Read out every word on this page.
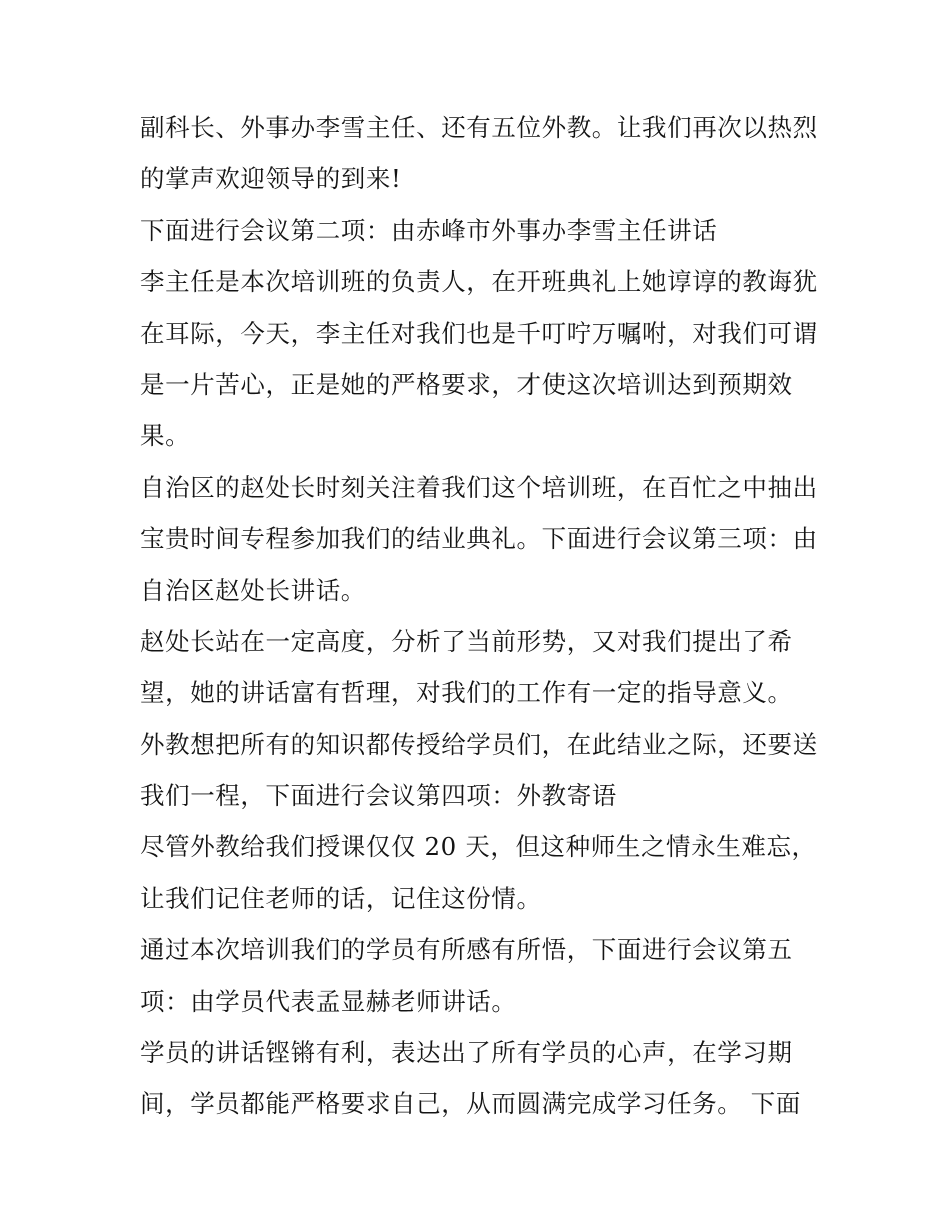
副科长、外事办李雪主任、还有五位外教。让我们再次以热烈
的掌声欢迎领导的到来!
下面进行会议第二项：由赤峰市外事办李雪主任讲话
李主任是本次培训班的负责人，在开班典礼上她谆谆的教诲犹
在耳际，今天，李主任对我们也是千叮咛万嘱咐，对我们可谓
是一片苦心，正是她的严格要求，才使这次培训达到预期效
果。
自治区的赵处长时刻关注着我们这个培训班，在百忙之中抽出
宝贵时间专程参加我们的结业典礼。下面进行会议第三项：由
自治区赵处长讲话。
赵处长站在一定高度，分析了当前形势，又对我们提出了希
望，她的讲话富有哲理，对我们的工作有一定的指导意义。
外教想把所有的知识都传授给学员们，在此结业之际，还要送
我们一程，下面进行会议第四项：外教寄语
尽管外教给我们授课仅仅 20 天，但这种师生之情永生难忘，
让我们记住老师的话，记住这份情。
通过本次培训我们的学员有所感有所悟，下面进行会议第五
项：由学员代表孟显赫老师讲话。
学员的讲话铿锵有利，表达出了所有学员的心声，在学习期
间，学员都能严格要求自己，从而圆满完成学习任务。 下面
